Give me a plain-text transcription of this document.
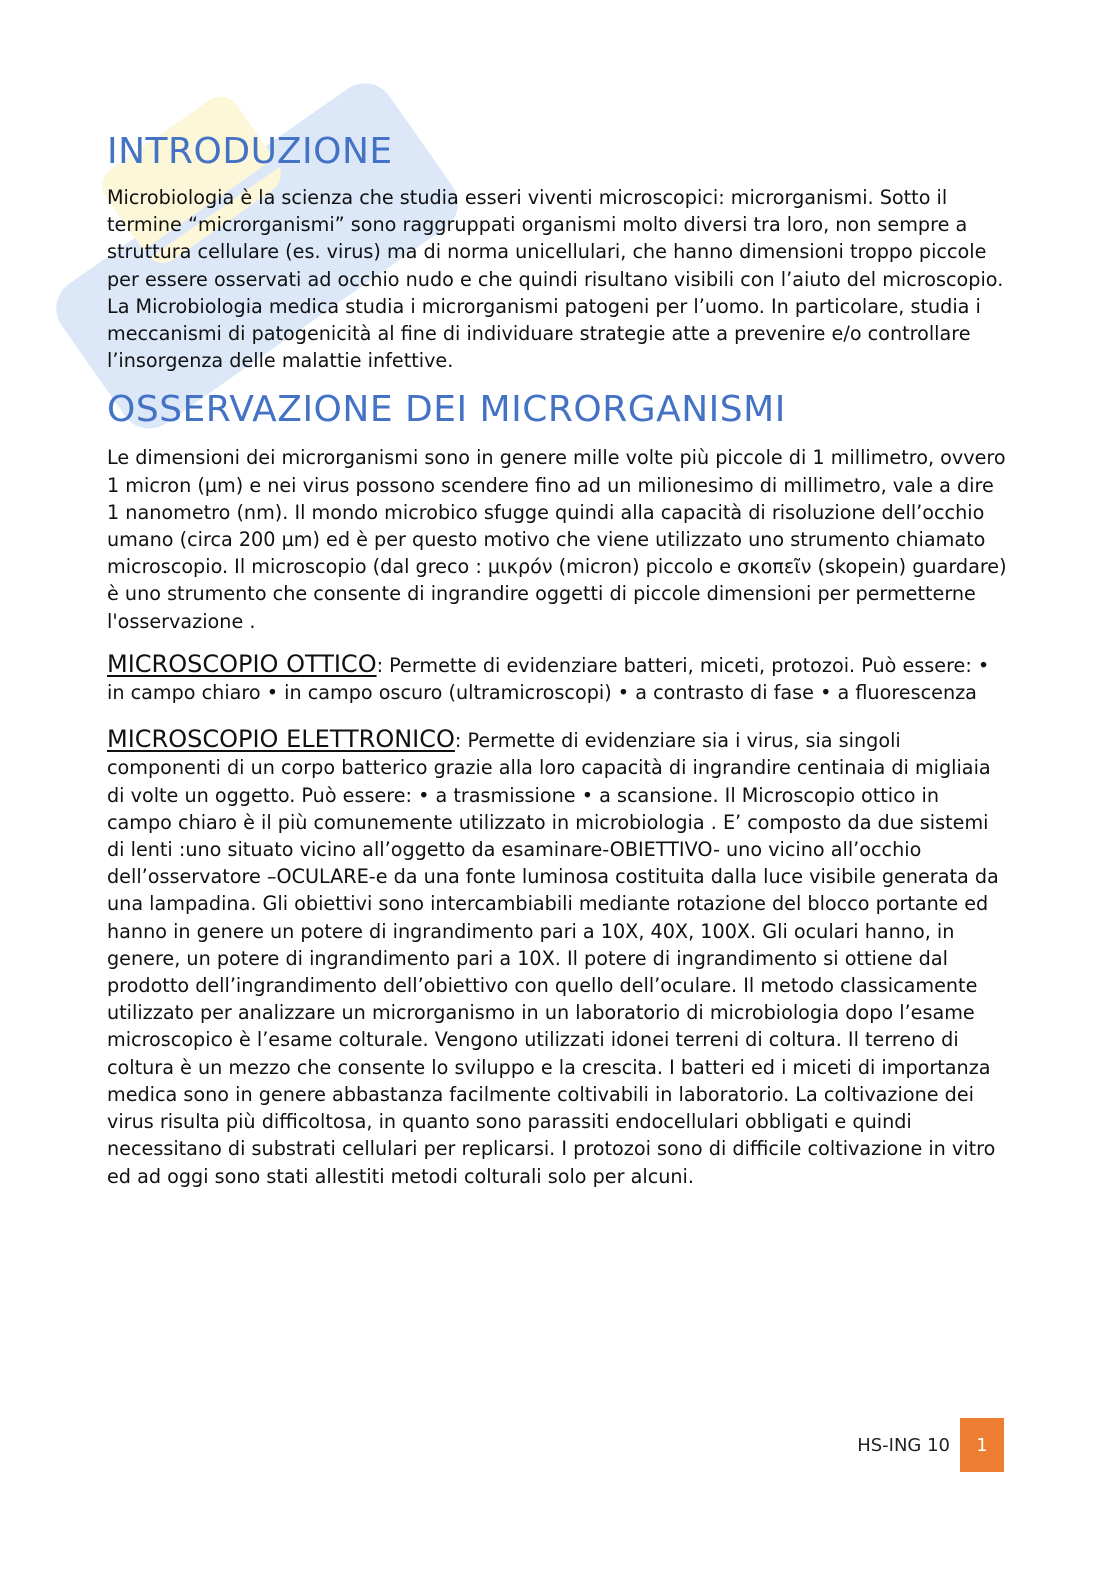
INTRODUZIONE

Microbiologia è la scienza che studia esseri viventi microscopici: microrganismi. Sotto il termine “microrganismi” sono raggruppati organismi molto diversi tra loro, non sempre a struttura cellulare (es. virus) ma di norma unicellulari, che hanno dimensioni troppo piccole per essere osservati ad occhio nudo e che quindi risultano visibili con l’aiuto del microscopio. La Microbiologia medica studia i microrganismi patogeni per l’uomo. In particolare, studia i meccanismi di patogenicità al fine di individuare strategie atte a prevenire e/o controllare l’insorgenza delle malattie infettive.

OSSERVAZIONE DEI MICRORGANISMI

Le dimensioni dei microrganismi sono in genere mille volte più piccole di 1 millimetro, ovvero 1 micron (µm) e nei virus possono scendere fino ad un milionesimo di millimetro, vale a dire 1 nanometro (nm). Il mondo microbico sfugge quindi alla capacità di risoluzione dell’occhio umano (circa 200 µm) ed è per questo motivo che viene utilizzato uno strumento chiamato microscopio. Il microscopio (dal greco : μικρόν (micron) piccolo e σκοπεῖν (skopein) guardare) è uno strumento che consente di ingrandire oggetti di piccole dimensioni per permetterne l'osservazione .

MICROSCOPIO OTTICO: Permette di evidenziare batteri, miceti, protozoi. Può essere: • in campo chiaro • in campo oscuro (ultramicroscopi) • a contrasto di fase • a fluorescenza

MICROSCOPIO ELETTRONICO: Permette di evidenziare sia i virus, sia singoli componenti di un corpo batterico grazie alla loro capacità di ingrandire centinaia di migliaia di volte un oggetto. Può essere: • a trasmissione • a scansione. Il Microscopio ottico in campo chiaro è il più comunemente utilizzato in microbiologia . E’ composto da due sistemi di lenti :uno situato vicino all’oggetto da esaminare-OBIETTIVO- uno vicino all’occhio dell’osservatore –OCULARE-e da una fonte luminosa costituita dalla luce visibile generata da una lampadina. Gli obiettivi sono intercambiabili mediante rotazione del blocco portante ed hanno in genere un potere di ingrandimento pari a 10X, 40X, 100X. Gli oculari hanno, in genere, un potere di ingrandimento pari a 10X. Il potere di ingrandimento si ottiene dal prodotto dell’ingrandimento dell’obiettivo con quello dell’oculare. Il metodo classicamente utilizzato per analizzare un microrganismo in un laboratorio di microbiologia dopo l’esame microscopico è l’esame colturale. Vengono utilizzati idonei terreni di coltura. Il terreno di coltura è un mezzo che consente lo sviluppo e la crescita. I batteri ed i miceti di importanza medica sono in genere abbastanza facilmente coltivabili in laboratorio. La coltivazione dei virus risulta più difficoltosa, in quanto sono parassiti endocellulari obbligati e quindi necessitano di substrati cellulari per replicarsi. I protozoi sono di difficile coltivazione in vitro ed ad oggi sono stati allestiti metodi colturali solo per alcuni.

HS-ING 10	1
